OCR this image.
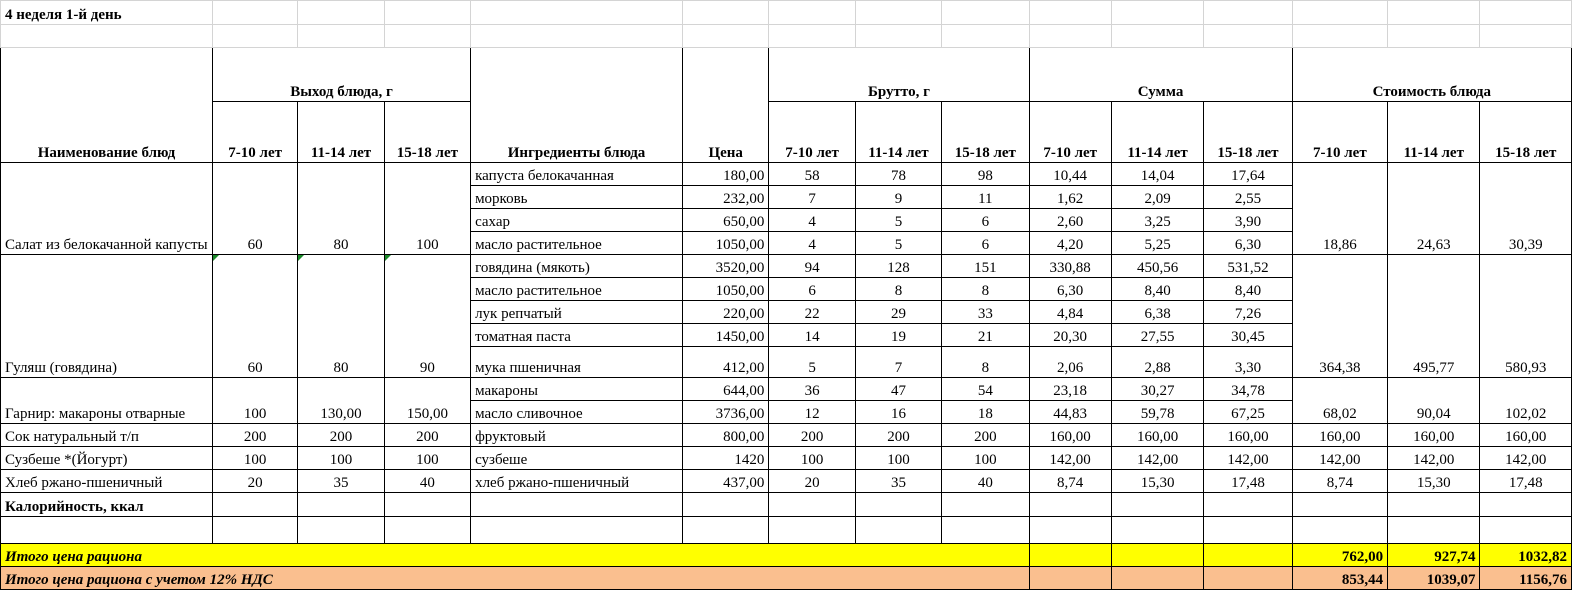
4 неделя 1-й день														

Наименование блюд	Выход блюда, г			Ингредиенты блюда	Цена	Брутто, г			Сумма			Стоимость блюда		
	7-10 лет	11-14 лет	15-18 лет			7-10 лет	11-14 лет	15-18 лет	7-10 лет	11-14 лет	15-18 лет	7-10 лет	11-14 лет	15-18 лет
Салат из белокачанной капусты	60	80	100	капуста белокачанная	180,00	58	78	98	10,44	14,04	17,64	18,86	24,63	30,39
				морковь	232,00	7	9	11	1,62	2,09	2,55			
				сахар	650,00	4	5	6	2,60	3,25	3,90			
				масло растительное	1050,00	4	5	6	4,20	5,25	6,30			
Гуляш (говядина)	60	80	90	говядина (мякоть)	3520,00	94	128	151	330,88	450,56	531,52	364,38	495,77	580,93
				масло растительное	1050,00	6	8	8	6,30	8,40	8,40			
				лук репчатый	220,00	22	29	33	4,84	6,38	7,26			
				томатная паста	1450,00	14	19	21	20,30	27,55	30,45			
				мука пшеничная	412,00	5	7	8	2,06	2,88	3,30			
Гарнир: макароны отварные	100	130,00	150,00	макароны	644,00	36	47	54	23,18	30,27	34,78	68,02	90,04	102,02
				масло сливочное	3736,00	12	16	18	44,83	59,78	67,25			
Сок натуральный т/п	200	200	200	фруктовый	800,00	200	200	200	160,00	160,00	160,00	160,00	160,00	160,00
Сузбеше *(Йогурт)	100	100	100	сузбеше	1420	100	100	100	142,00	142,00	142,00	142,00	142,00	142,00
Хлеб ржано-пшеничный	20	35	40	хлеб ржано-пшеничный	437,00	20	35	40	8,74	15,30	17,48	8,74	15,30	17,48
Калорийность, ккал														

Итого цена рациона												762,00	927,74	1032,82
Итого цена рациона с учетом 12% НДС												853,44	1039,07	1156,76
